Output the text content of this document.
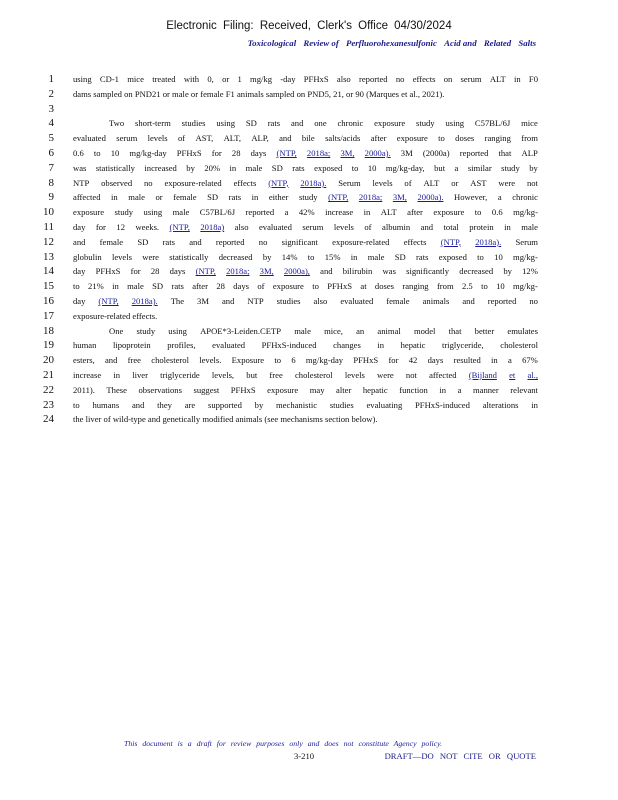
Electronic Filing: Received, Clerk's Office 04/30/2024
Toxicological Review of Perfluorohexanesulfonic Acid and Related Salts
1 using CD-1 mice treated with 0, or 1 mg/kg -day PFHxS also reported no effects on serum ALT in F0
2 dams sampled on PND21 or male or female F1 animals sampled on PND5, 21, or 90 (Marques et al., 2021).
3
4	Two short-term studies using SD rats and one chronic exposure study using C57BL/6J mice
5 evaluated serum levels of AST, ALT, ALP, and bile salts/acids after exposure to doses ranging from
6 0.6 to 10 mg/kg-day PFHxS for 28 days (NTP, 2018a; 3M, 2000a). 3M (2000a) reported that ALP
7 was statistically increased by 20% in male SD rats exposed to 10 mg/kg-day, but a similar study by
8 NTP observed no exposure-related effects (NTP, 2018a). Serum levels of ALT or AST were not
9 affected in male or female SD rats in either study (NTP, 2018a; 3M, 2000a). However, a chronic
10 exposure study using male C57BL/6J reported a 42% increase in ALT after exposure to 0.6 mg/kg-
11 day for 12 weeks. (NTP, 2018a) also evaluated serum levels of albumin and total protein in male
12 and female SD rats and reported no significant exposure-related effects (NTP, 2018a). Serum
13 globulin levels were statistically decreased by 14% to 15% in male SD rats exposed to 10 mg/kg-
14 day PFHxS for 28 days (NTP, 2018a; 3M, 2000a), and bilirubin was significantly decreased by 12%
15 to 21% in male SD rats after 28 days of exposure to PFHxS at doses ranging from 2.5 to 10 mg/kg-
16 day (NTP, 2018a). The 3M and NTP studies also evaluated female animals and reported no
17 exposure-related effects.
18	One study using APOE*3-Leiden.CETP male mice, an animal model that better emulates
19 human lipoprotein profiles, evaluated PFHxS-induced changes in hepatic triglyceride, cholesterol
20 esters, and free cholesterol levels. Exposure to 6 mg/kg-day PFHxS for 42 days resulted in a 67%
21 increase in liver triglyceride levels, but free cholesterol levels were not affected (Bijland et al.,
22 2011). These observations suggest PFHxS exposure may alter hepatic function in a manner relevant
23 to humans and they are supported by mechanistic studies evaluating PFHxS-induced alterations in
24 the liver of wild-type and genetically modified animals (see mechanisms section below).
This document is a draft for review purposes only and does not constitute Agency policy.
3-210	DRAFT—DO NOT CITE OR QUOTE
